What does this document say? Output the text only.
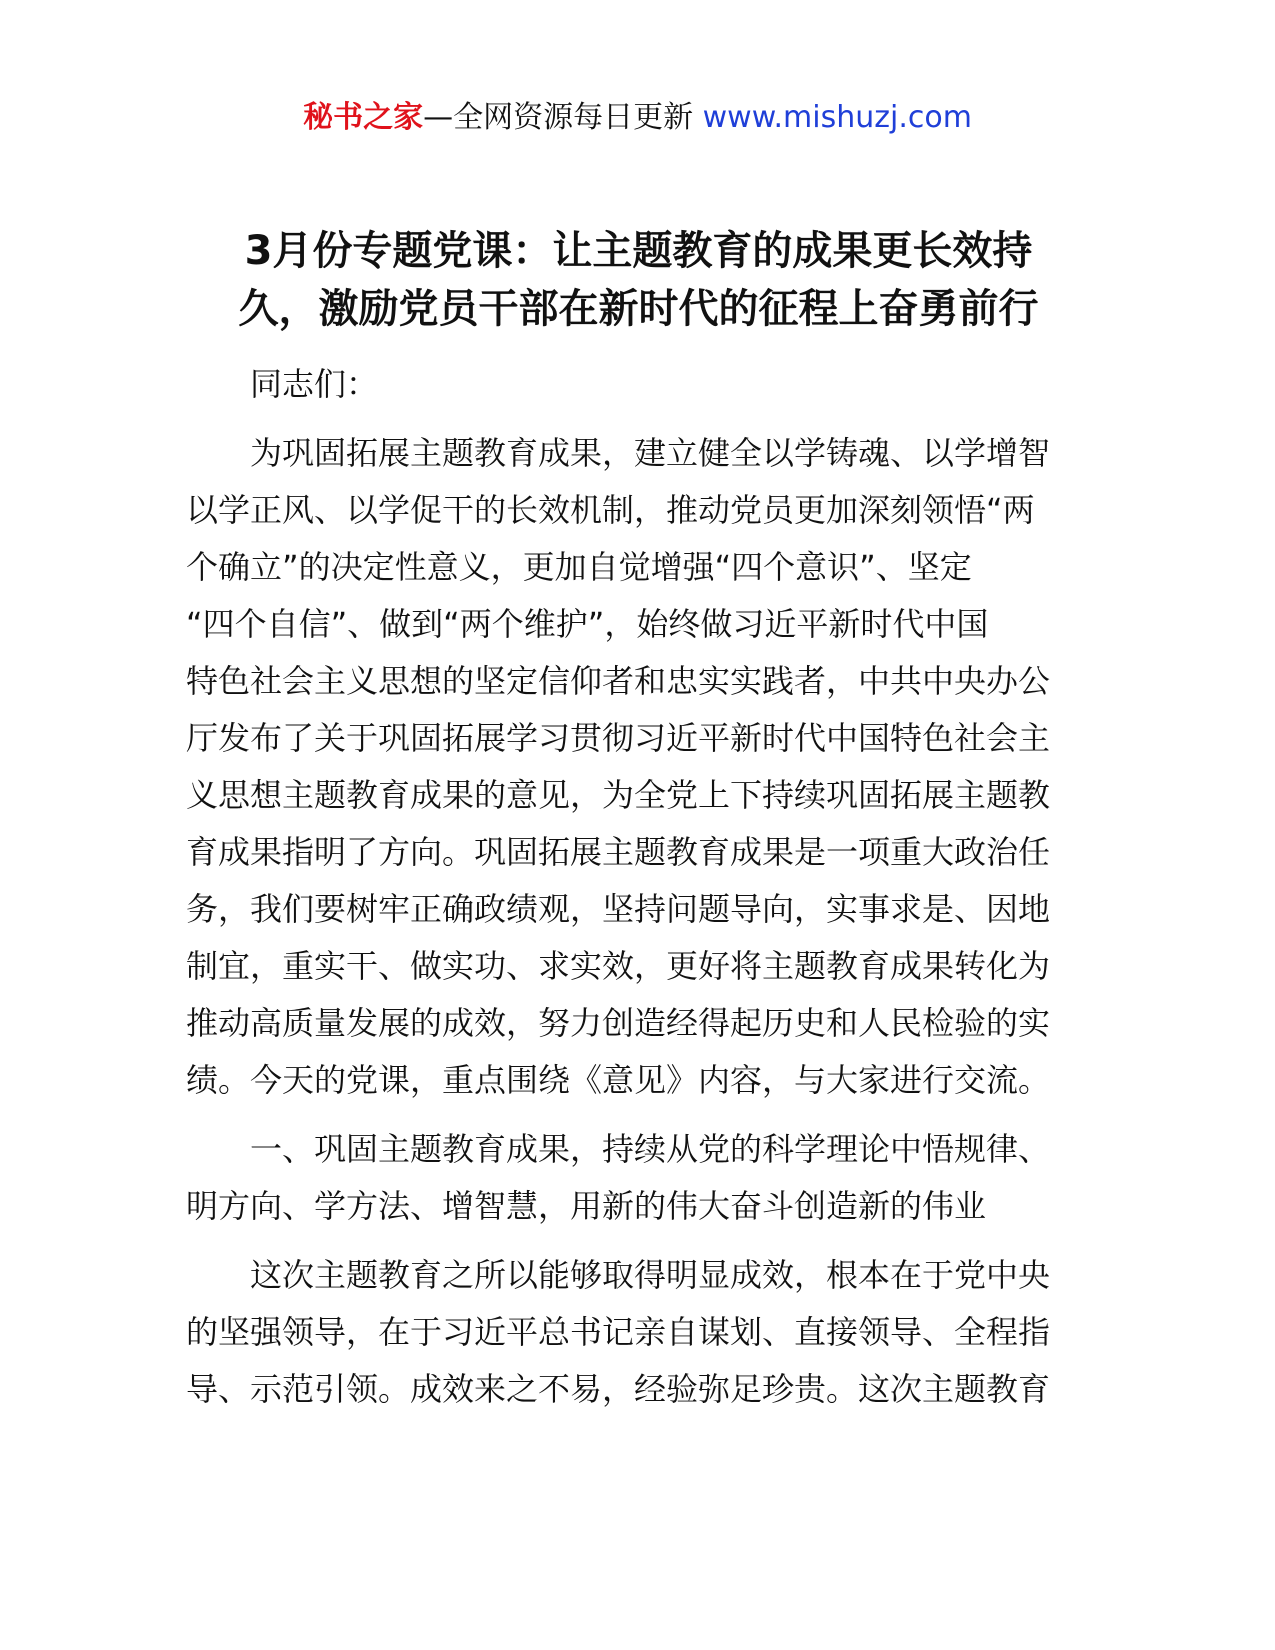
秘书之家—全网资源每日更新 www.mishuzj.com
3月份专题党课：让主题教育的成果更长效持
久，激励党员干部在新时代的征程上奋勇前行
同志们：
为巩固拓展主题教育成果，建立健全以学铸魂、以学增智
以学正风、以学促干的长效机制，推动党员更加深刻领悟“两
个确立”的决定性意义，更加自觉增强“四个意识”、坚定
“四个自信”、做到“两个维护”，始终做习近平新时代中国
特色社会主义思想的坚定信仰者和忠实实践者，中共中央办公
厅发布了关于巩固拓展学习贯彻习近平新时代中国特色社会主
义思想主题教育成果的意见，为全党上下持续巩固拓展主题教
育成果指明了方向。巩固拓展主题教育成果是一项重大政治任
务，我们要树牢正确政绩观，坚持问题导向，实事求是、因地
制宜，重实干、做实功、求实效，更好将主题教育成果转化为
推动高质量发展的成效，努力创造经得起历史和人民检验的实
绩。今天的党课，重点围绕《意见》内容，与大家进行交流。
一、巩固主题教育成果，持续从党的科学理论中悟规律、
明方向、学方法、增智慧，用新的伟大奋斗创造新的伟业
这次主题教育之所以能够取得明显成效，根本在于党中央
的坚强领导，在于习近平总书记亲自谋划、直接领导、全程指
导、示范引领。成效来之不易，经验弥足珍贵。这次主题教育
